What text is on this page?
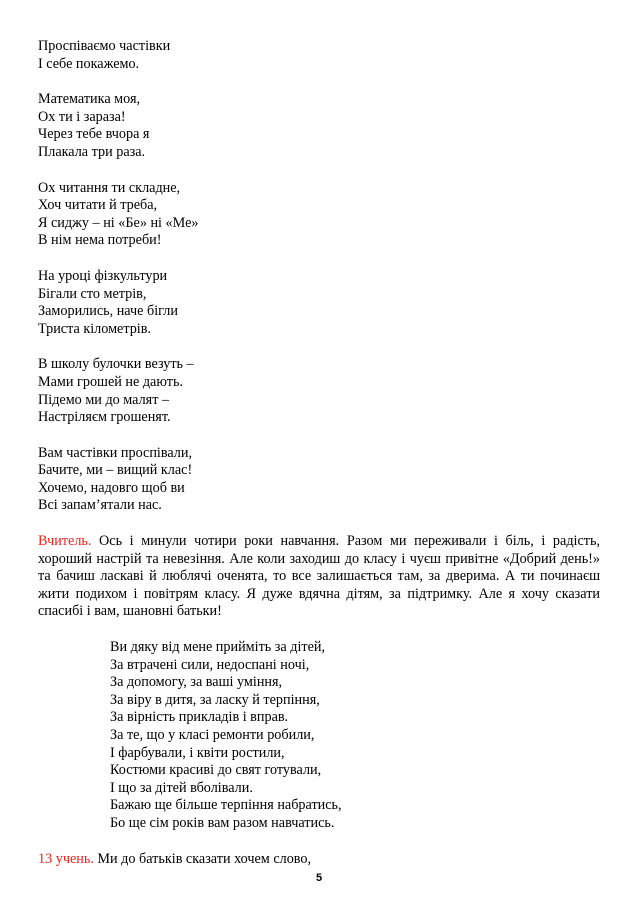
Проспіваємо частівки
І себе покажемо.
Математика моя,
Ох ти і зараза!
Через тебе вчора я
Плакала три раза.
Ох читання ти складне,
Хоч читати й треба,
Я сиджу – ні «Бе» ні «Ме»
В нім нема потреби!
На уроці фізкультури
Бігали сто метрів,
Заморились, наче бігли
Триста кілометрів.
В школу булочки везуть –
Мами грошей не дають.
Підемо ми до малят –
Настріляєм грошенят.
Вам частівки проспівали,
Бачите, ми – вищий клас!
Хочемо, надовго щоб ви
Всі запам’ятали нас.

Вчитель. Ось і минули чотири роки навчання. Разом ми переживали і біль, і радість, хороший настрій та невезіння. Але коли заходиш до класу і чуєш привітне «Добрий день!» та бачиш ласкаві й люблячі оченята, то все залишається там, за дверима. А ти починаєш жити подихом і повітрям класу. Я дуже вдячна дітям, за підтримку. Але я хочу сказати спасибі і вам, шановні батьки!

Ви дяку від мене прийміть за дітей,
За втрачені сили, недоспані ночі,
За допомогу, за ваші уміння,
За віру в дитя, за ласку й терпіння,
За вірність прикладів і вправ.
За те, що у класі ремонти робили,
І фарбували, і квіти ростили,
Костюми красиві до свят готували,
І що за дітей вболівали.
Бажаю ще більше терпіння набратись,
Бо ще сім років вам разом навчатись.

13 учень. Ми до батьків сказати хочем слово,

5
